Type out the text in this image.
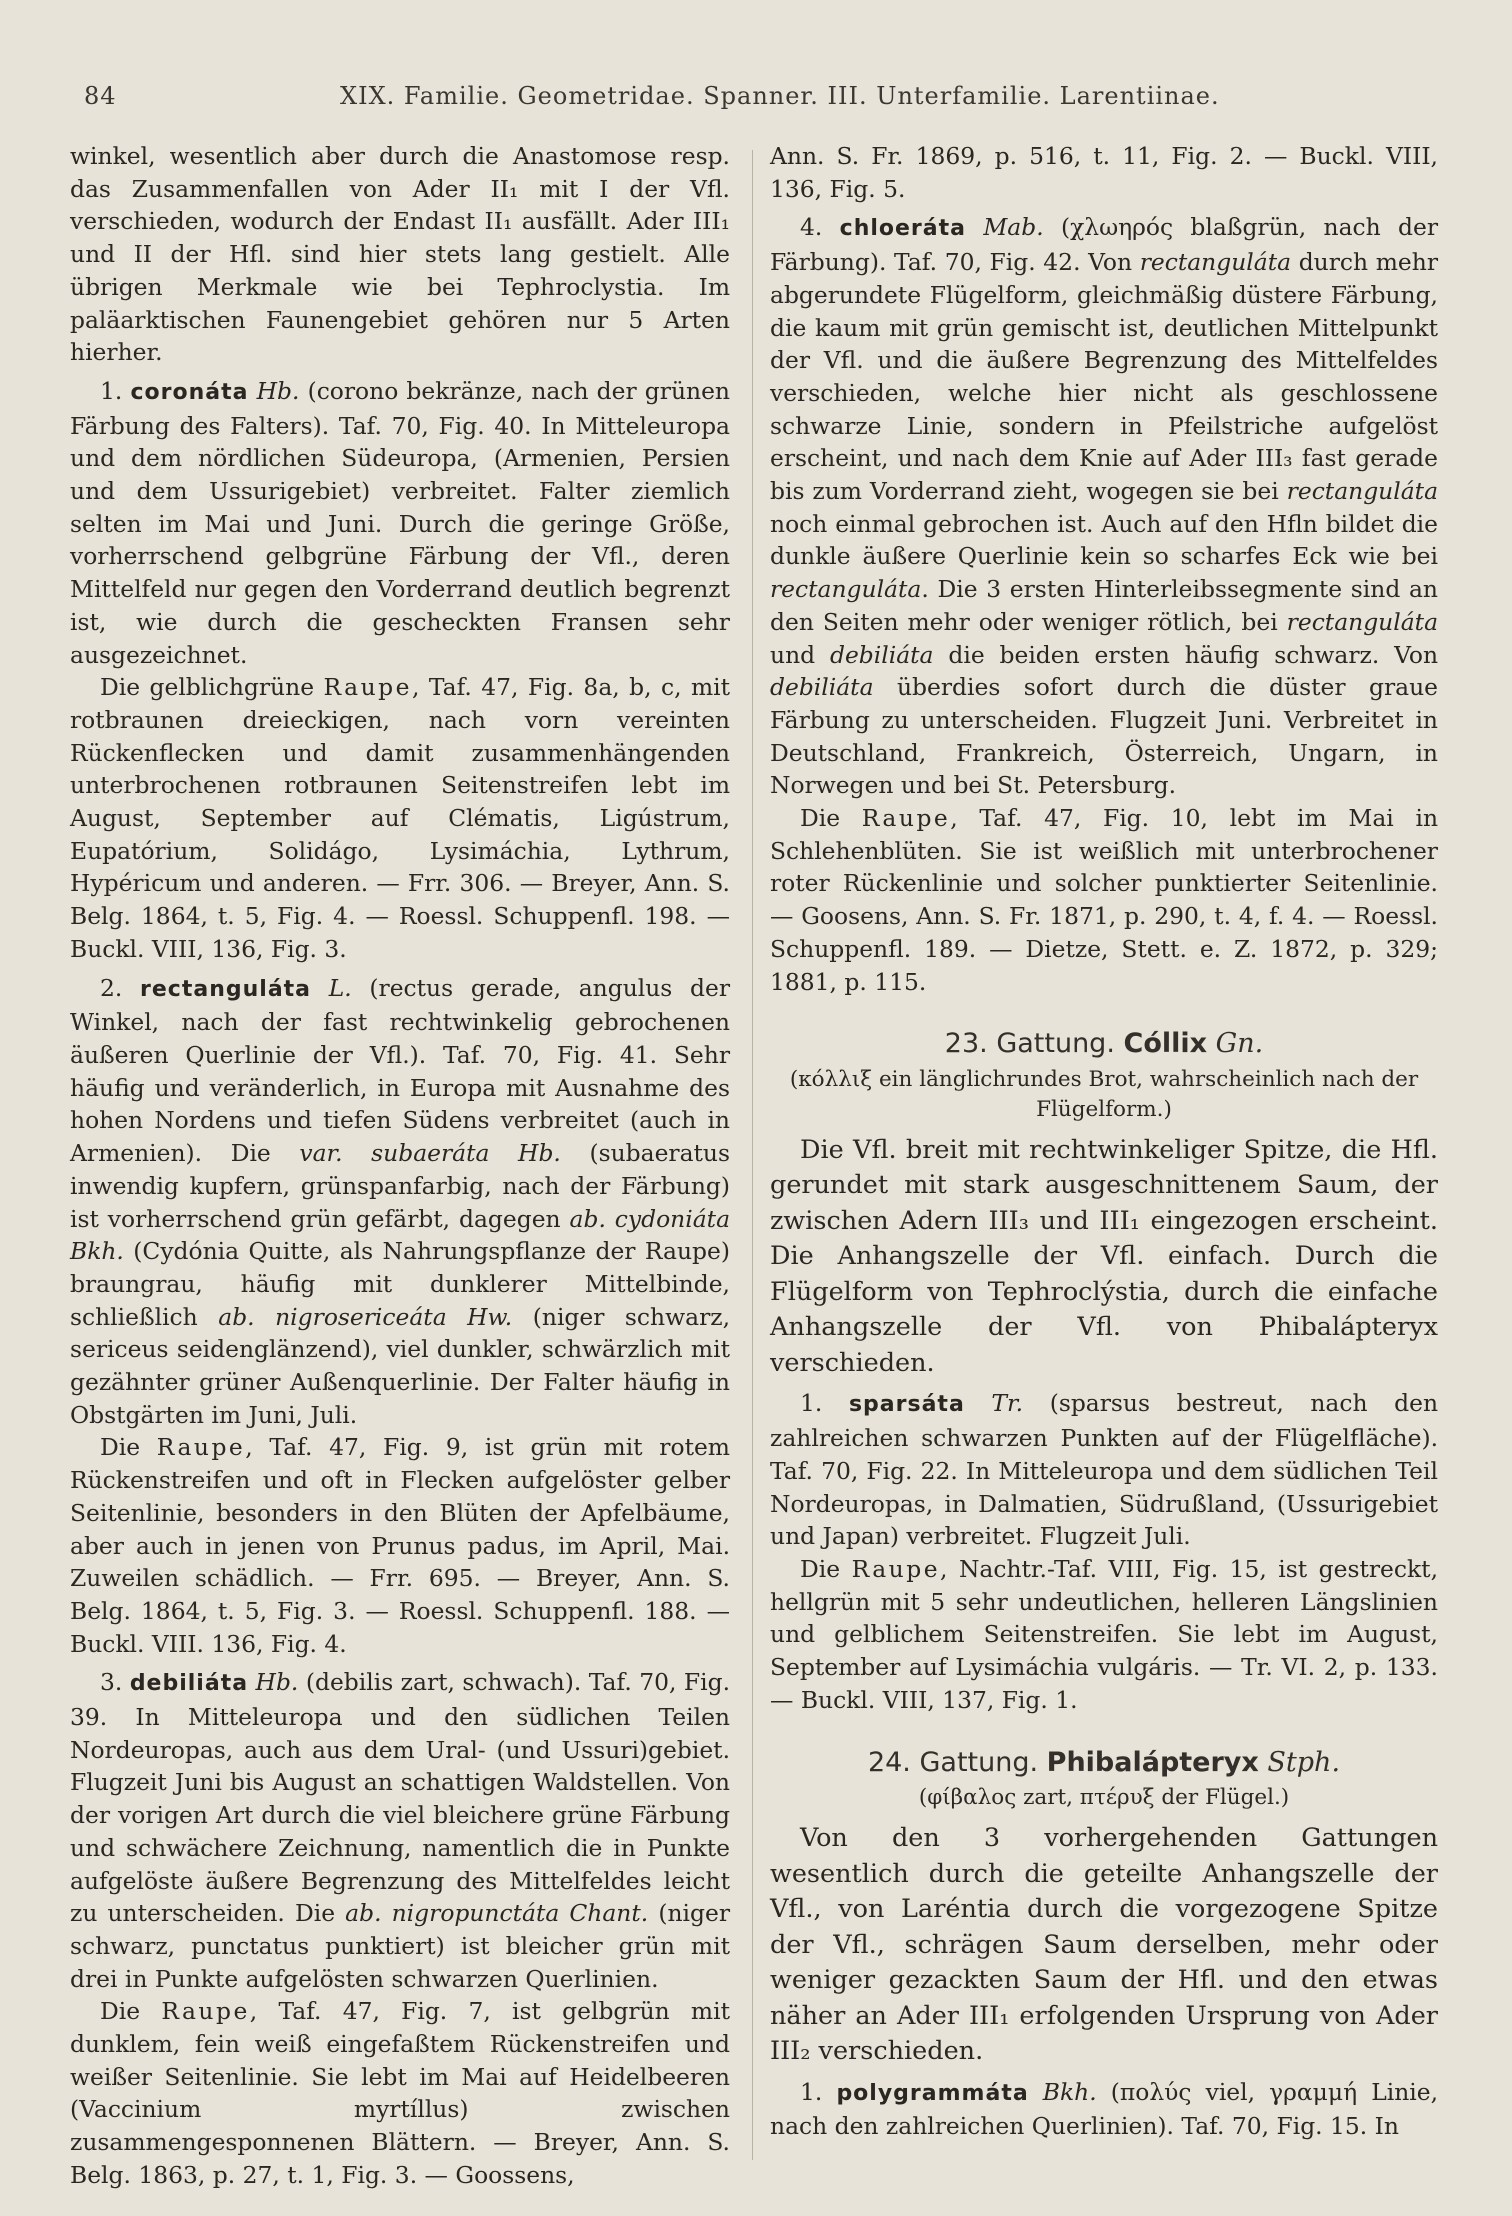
84	XIX. Familie. Geometridae. Spanner. III. Unterfamilie. Larentiinae.

winkel, wesentlich aber durch die Anastomose resp. das Zusammenfallen von Ader II₁ mit I der Vfl. verschieden, wodurch der Endast II₁ ausfällt. Ader III₁ und II der Hfl. sind hier stets lang gestielt. Alle übrigen Merkmale wie bei Tephroclystia. Im paläarktischen Faunengebiet gehören nur 5 Arten hierher.

1. coronáta Hb. (corono bekränze, nach der grünen Färbung des Falters). Taf. 70, Fig. 40. In Mitteleuropa und dem nördlichen Südeuropa, (Armenien, Persien und dem Ussurigebiet) verbreitet. Falter ziemlich selten im Mai und Juni. Durch die geringe Größe, vorherrschend gelbgrüne Färbung der Vfl., deren Mittelfeld nur gegen den Vorderrand deutlich begrenzt ist, wie durch die gescheckten Fransen sehr ausgezeichnet.

Die gelblichgrüne Raupe, Taf. 47, Fig. 8a, b, c, mit rotbraunen dreieckigen, nach vorn vereinten Rückenflecken und damit zusammenhängenden unterbrochenen rotbraunen Seitenstreifen lebt im August, September auf Clématis, Ligústrum, Eupatórium, Solidágo, Lysimáchia, Lythrum, Hypéricum und anderen. — Frr. 306. — Breyer, Ann. S. Belg. 1864, t. 5, Fig. 4. — Roessl. Schuppenfl. 198. — Buckl. VIII, 136, Fig. 3.

2. rectanguláta L. (rectus gerade, angulus der Winkel, nach der fast rechtwinkelig gebrochenen äußeren Querlinie der Vfl.). Taf. 70, Fig. 41. Sehr häufig und veränderlich, in Europa mit Ausnahme des hohen Nordens und tiefen Südens verbreitet (auch in Armenien). Die var. subaeráta Hb. (subaeratus inwendig kupfern, grünspanfarbig, nach der Färbung) ist vorherrschend grün gefärbt, dagegen ab. cydoniáta Bkh. (Cydónia Quitte, als Nahrungspflanze der Raupe) braungrau, häufig mit dunklerer Mittelbinde, schließlich ab. nigrosericeáta Hw. (niger schwarz, sericeus seidenglänzend), viel dunkler, schwärzlich mit gezähnter grüner Außenquerlinie. Der Falter häufig in Obstgärten im Juni, Juli.

Die Raupe, Taf. 47, Fig. 9, ist grün mit rotem Rückenstreifen und oft in Flecken aufgelöster gelber Seitenlinie, besonders in den Blüten der Apfelbäume, aber auch in jenen von Prunus padus, im April, Mai. Zuweilen schädlich. — Frr. 695. — Breyer, Ann. S. Belg. 1864, t. 5, Fig. 3. — Roessl. Schuppenfl. 188. — Buckl. VIII. 136, Fig. 4.

3. debiliáta Hb. (debilis zart, schwach). Taf. 70, Fig. 39. In Mitteleuropa und den südlichen Teilen Nordeuropas, auch aus dem Ural- (und Ussuri)gebiet. Flugzeit Juni bis August an schattigen Waldstellen. Von der vorigen Art durch die viel bleichere grüne Färbung und schwächere Zeichnung, namentlich die in Punkte aufgelöste äußere Begrenzung des Mittelfeldes leicht zu unterscheiden. Die ab. nigropunctáta Chant. (niger schwarz, punctatus punktiert) ist bleicher grün mit drei in Punkte aufgelösten schwarzen Querlinien.

Die Raupe, Taf. 47, Fig. 7, ist gelbgrün mit dunklem, fein weiß eingefaßtem Rückenstreifen und weißer Seitenlinie. Sie lebt im Mai auf Heidelbeeren (Vaccinium myrtíllus) zwischen zusammengesponnenen Blättern. — Breyer, Ann. S. Belg. 1863, p. 27, t. 1, Fig. 3. — Goossens,

Ann. S. Fr. 1869, p. 516, t. 11, Fig. 2. — Buckl. VIII, 136, Fig. 5.

4. chloeráta Mab. (χλωηρός blaßgrün, nach der Färbung). Taf. 70, Fig. 42. Von rectanguláta durch mehr abgerundete Flügelform, gleichmäßig düstere Färbung, die kaum mit grün gemischt ist, deutlichen Mittelpunkt der Vfl. und die äußere Begrenzung des Mittelfeldes verschieden, welche hier nicht als geschlossene schwarze Linie, sondern in Pfeilstriche aufgelöst erscheint, und nach dem Knie auf Ader III₃ fast gerade bis zum Vorderrand zieht, wogegen sie bei rectanguláta noch einmal gebrochen ist. Auch auf den Hfln bildet die dunkle äußere Querlinie kein so scharfes Eck wie bei rectanguláta. Die 3 ersten Hinterleibssegmente sind an den Seiten mehr oder weniger rötlich, bei rectanguláta und debiliáta die beiden ersten häufig schwarz. Von debiliáta überdies sofort durch die düster graue Färbung zu unterscheiden. Flugzeit Juni. Verbreitet in Deutschland, Frankreich, Österreich, Ungarn, in Norwegen und bei St. Petersburg.

Die Raupe, Taf. 47, Fig. 10, lebt im Mai in Schlehenblüten. Sie ist weißlich mit unterbrochener roter Rückenlinie und solcher punktierter Seitenlinie. — Goosens, Ann. S. Fr. 1871, p. 290, t. 4, f. 4. — Roessl. Schuppenfl. 189. — Dietze, Stett. e. Z. 1872, p. 329; 1881, p. 115.

23. Gattung. Cóllix Gn.

(κόλλιξ ein länglichrundes Brot, wahrscheinlich nach der Flügelform.)

Die Vfl. breit mit rechtwinkeliger Spitze, die Hfl. gerundet mit stark ausgeschnittenem Saum, der zwischen Adern III₃ und III₁ eingezogen erscheint. Die Anhangszelle der Vfl. einfach. Durch die Flügelform von Tephroclýstia, durch die einfache Anhangszelle der Vfl. von Phibalápteryx verschieden.

1. sparsáta Tr. (sparsus bestreut, nach den zahlreichen schwarzen Punkten auf der Flügelfläche). Taf. 70, Fig. 22. In Mitteleuropa und dem südlichen Teil Nordeuropas, in Dalmatien, Südrußland, (Ussurigebiet und Japan) verbreitet. Flugzeit Juli.

Die Raupe, Nachtr.-Taf. VIII, Fig. 15, ist gestreckt, hellgrün mit 5 sehr undeutlichen, helleren Längslinien und gelblichem Seitenstreifen. Sie lebt im August, September auf Lysimáchia vulgáris. — Tr. VI. 2, p. 133. — Buckl. VIII, 137, Fig. 1.

24. Gattung. Phibalápteryx Stph.

(φίβαλος zart, πτέρυξ der Flügel.)

Von den 3 vorhergehenden Gattungen wesentlich durch die geteilte Anhangszelle der Vfl., von Laréntia durch die vorgezogene Spitze der Vfl., schrägen Saum derselben, mehr oder weniger gezackten Saum der Hfl. und den etwas näher an Ader III₁ erfolgenden Ursprung von Ader III₂ verschieden.

1. polygrammáta Bkh. (πολύς viel, γραμμή Linie, nach den zahlreichen Querlinien). Taf. 70, Fig. 15. In
